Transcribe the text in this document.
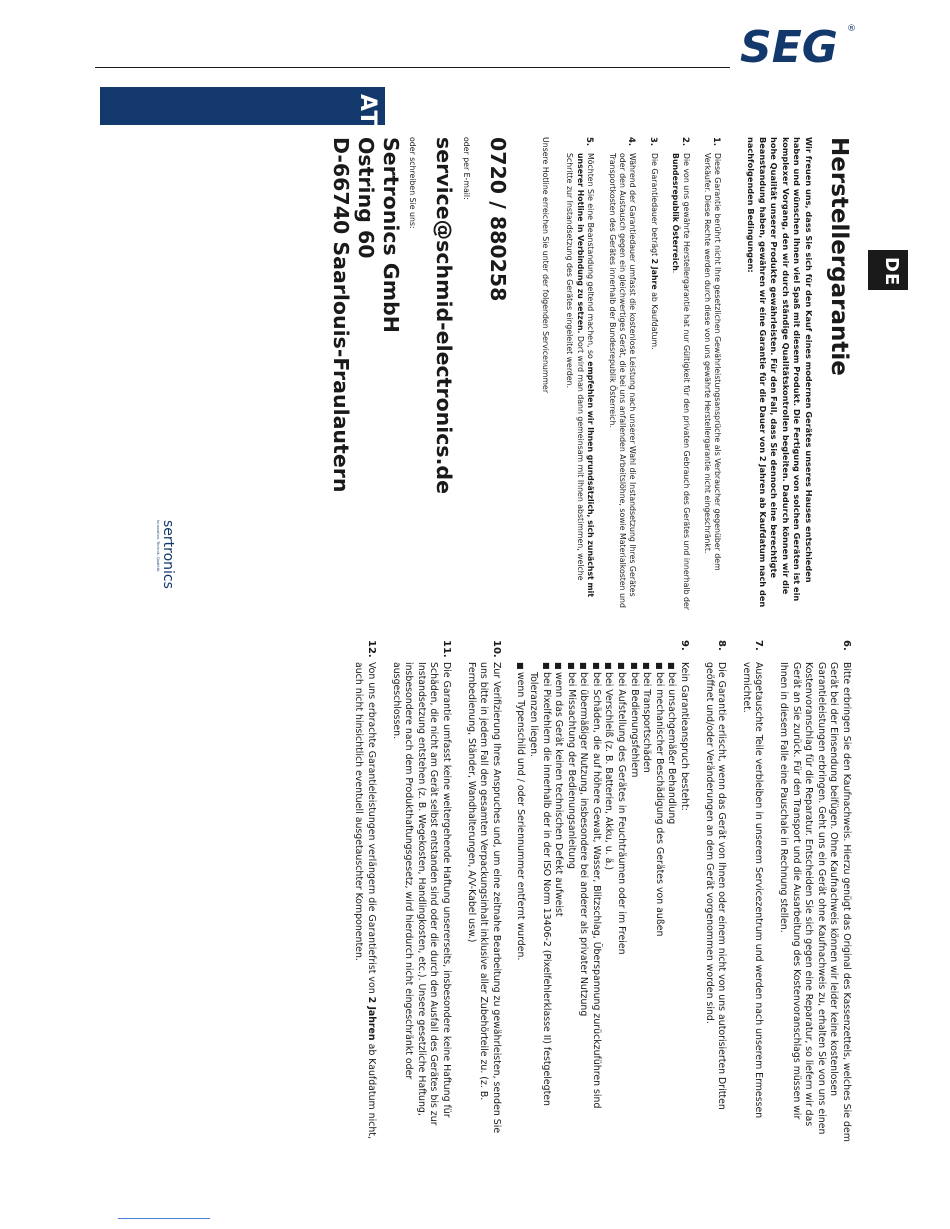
SEG ®
AT
DE
Herstellergarantie

Wir freuen uns, dass Sie sich für den Kauf eines modernen Gerätes unseres Hauses entschieden haben und wünschen Ihnen viel Spaß mit diesem Produkt. Die Fertigung von solchen Geräten ist ein komplexer Vorgang, den wir durch ständige Qualitätskontrollen begleiten. Dadurch können wir die hohe Qualität unserer Produkte gewährleisten. Für den Fall, dass Sie dennoch eine berechtigte Beanstandung haben, gewähren wir eine Garantie für die Dauer von 2 Jahren ab Kaufdatum nach den nachfolgenden Bedingungen:

1.
Diese Garantie berührt nicht Ihre gesetzlichen Gewährleistungsansprüche als Verbraucher gegenüber dem Verkäufer. Diese Rechte werden durch diese von uns gewährte Herstellergarantie nicht eingeschränkt.
2.
Die von uns gewährte Herstellergarantie hat nur Gültigkeit für den privaten Gebrauch des Gerätes und innerhalb der Bundesrepublik Österreich.
3.
Die Garantiedauer beträgt 2 Jahre ab Kaufdatum.
4.
Während der Garantiedauer umfasst die kostenlose Leistung nach unserer Wahl die Instandsetzung Ihres Gerätes oder den Austausch gegen ein gleichwertiges Gerät, die bei uns anfallenden Arbeitslöhne, sowie Materialkosten und Transportkosten des Gerätes innerhalb der Bundesrepublik Österreich.
5.
Möchten Sie eine Beanstandung geltend machen, so empfehlen wir Ihnen grundsätzlich, sich zunächst mit unserer Hotline in Verbindung zu setzen. Dort wird man dann gemeinsam mit Ihnen abstimmen, welche Schritte zur Instandsetzung des Gerätes eingeleitet werden.

Unsere Hotline erreichen Sie unter der folgenden Servicenummer

0720 / 880258

oder per E-mail:

service@schmid-electronics.de

oder schreiben Sie uns:

Sertronics GmbH

Ostring 60

D-66740 Saarlouis-Fraulautern

sertronics
Innovation. Technik. Qualität.
6.
Bitte erbringen Sie den Kaufnachweis. Hierzu genügt das Original des Kassenzettels, welches Sie dem Gerät bei der Einsendung beifügen. Ohne Kaufnachweis können wir leider keine kostenlosen Garantieleistungen erbringen. Geht uns ein Gerät ohne Kaufnachweis zu, erhalten Sie von uns einen Kostenvoranschlag für die Reparatur. Entscheiden Sie sich gegen eine Reparatur, so liefern wir das Gerät an Sie zurück. Für den Transport und die Ausarbeitung des Kostenvoranschlags müssen wir Ihnen in diesem Falle eine Pauschale in Rechnung stellen.
7.
Ausgetauschte Teile verbleiben in unserem Servicezentrum und werden nach unserem Ermessen vernichtet.
8.
Die Garantie erlischt, wenn das Gerät von Ihnen oder einem nicht von uns autorisierten Dritten geöffnet und/oder Veränderungen an dem Gerät vorgenommen worden sind.
9.
Kein Garantieanspruch besteht:
■
bei unsachgemäßer Behandlung
■
bei mechanischer Beschädigung des Gerätes von außen
■
bei Transportschäden
■
bei Bedienungsfehlern
■
bei Aufstellung des Gerätes in Feuchträumen oder im Freien
■
bei Verschleiß (z. B. Batterien, Akku, u. ä.)
■
bei Schäden, die auf höhere Gewalt, Wasser, Blitzschlag, Überspannung zurückzuführen sind
■
bei übermäßiger Nutzung, insbesondere bei anderer als privater Nutzung
■
bei Missachtung der Bedienungsanleitung
■
wenn das Gerät keinen technischen Defekt aufweist
■
bei Pixelfehlern die innerhalb der in der ISO Norm 13406-2 (Pixelfehlerklasse II) festgelegten Toleranzen liegen.
■
wenn Typenschild und / oder Seriennummer entfernt wurden.
10.
Zur Verifizierung Ihres Anspruches und, um eine zeitnahe Bearbeitung zu gewährleisten, senden Sie uns bitte in jedem Fall den gesamten Verpackungsinhalt inklusive aller Zubehörteile zu. (z. B. Fernbedienung, Ständer, Wandhalterungen, A/V-Kabel usw.)
11.
Die Garantie umfasst keine weitergehende Haftung unsererseits, insbesondere keine Haftung für Schäden, die nicht am Gerät selbst entstanden sind oder die durch den Ausfall des Gerätes bis zur Instandsetzung entstehen (z. B. Wegekosten, Handlingkosten, etc.). Unsere gesetzliche Haftung, insbesondere nach dem Produkthaftungsgesetz, wird hierdurch nicht eingeschränkt oder ausgeschlossen.
12.
Von uns erbrachte Garantieleistungen verlängern die Garantiefrist von 2 Jahren ab Kaufdatum nicht, auch nicht hinsichtlich eventuell ausgetauschter Komponenten.
